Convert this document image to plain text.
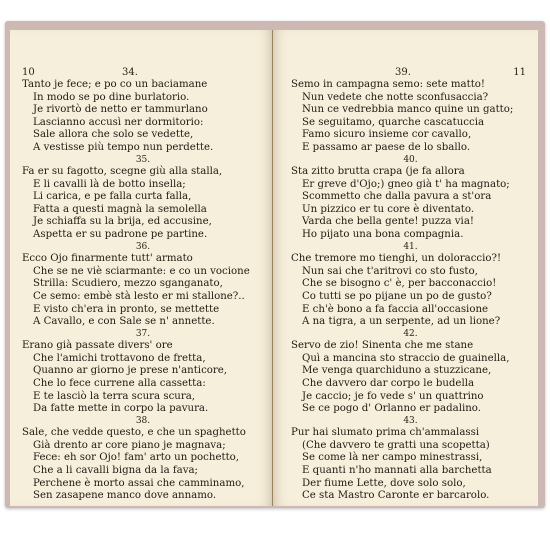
10	34.
Tanto je fece; e po co un baciamane
In modo se po dine burlatorio.
Je rivortò de netto er tammurlano
Lascianno accusì ner dormitorio:
Sale allora che solo se vedette,
A vestisse più tempo nun perdette.
35.
Fa er su fagotto, scegne giù alla stalla,
E li cavalli là de botto insella;
Li carica, e pe falla curta falla,
Fatta a questi magnà la semolella
Je schiaffa su la brija, ed accusine,
Aspetta er su padrone pe partine.
36.
Ecco Ojo finarmente tutt' armato
Che se ne viè sciarmante: e co un vocione
Strilla: Scudiero, mezzo sganganato,
Ce semo: embè stà lesto er mi stallone?..
E visto ch'era in pronto, se mettette
A Cavallo, e con Sale se n' annette.
37.
Erano già passate divers' ore
Che l'amichi trottavono de fretta,
Quanno ar giorno je prese n'anticore,
Che lo fece currene alla cassetta:
E te lasciò la terra scura scura,
Da fatte mette in corpo la pavura.
38.
Sale, che vedde questo, e che un spaghetto
Già drento ar core piano je magnava;
Fece: eh sor Ojo! fam' arto un pochetto,
Che a li cavalli bigna da la fava;
Perchene è morto assai che camminamo,
Sen zasapene manco dove annamo.
39.	11
Semo in campagna semo: sete matto!
Nun vedete che notte sconfusaccia?
Nun ce vedrebbia manco quine un gatto;
Se seguitamo, quarche cascatuccia
Famo sicuro insieme cor cavallo,
E passamo ar paese de lo sballo.
40.
Sta zitto brutta crapa (je fa allora
Er greve d'Ojo;) gneo già t' ha magnato;
Scommetto che dalla pavura a st'ora
Un pizzico er tu core è diventato.
Varda che bella gente! puzza via!
Ho pijato una bona compagnia.
41.
Che tremore mo tienghi, un doloraccio?!
Nun sai che t'aritrovi co sto fusto,
Che se bisogno c' è, per bacconaccio!
Co tutti se po pijane un po de gusto?
E ch'è bono a fa faccia all'occasione
A na tigra, a un serpente, ad un lione?
42.
Servo de zio! Sinenta che me stane
Quì a mancina sto straccio de guainella,
Me venga quarchiduno a stuzzicane,
Che davvero dar corpo le budella
Je caccio; je fo vede s' un quattrino
Se ce pogo d' Orlanno er padalino.
43.
Pur hai slumato prima ch'ammalassi
(Che davvero te gratti una scopetta)
Se come là ner campo minestrassi,
E quanti n'ho mannati alla barchetta
Der fiume Lette, dove solo solo,
Ce sta Mastro Caronte er barcarolo.
